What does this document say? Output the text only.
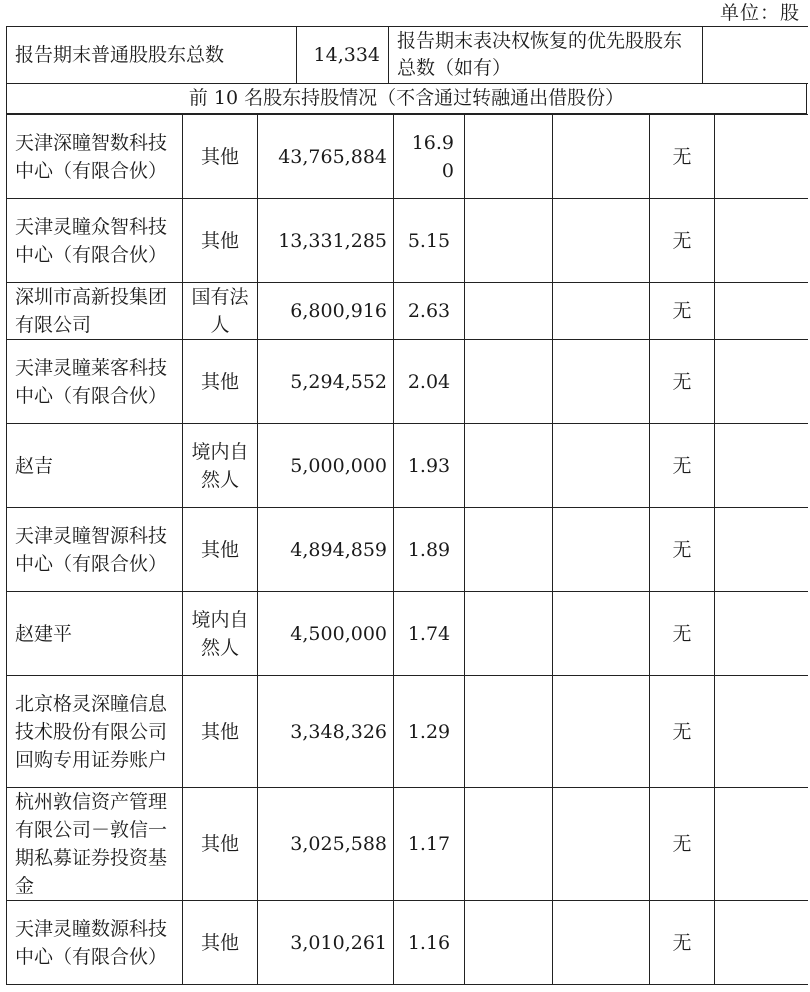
单位：股
报告期末普通股股东总数	14,334	报告期末表决权恢复的优先股股东总数（如有）	
前 10 名股东持股情况（不含通过转融通出借股份）
天津深瞳智数科技中心（有限合伙）	其他	43,765,884	16.90			无	
天津灵瞳众智科技中心（有限合伙）	其他	13,331,285	5.15			无	
深圳市高新投集团有限公司	国有法人	6,800,916	2.63			无	
天津灵瞳莱客科技中心（有限合伙）	其他	5,294,552	2.04			无	
赵吉	境内自然人	5,000,000	1.93			无	
天津灵瞳智源科技中心（有限合伙）	其他	4,894,859	1.89			无	
赵建平	境内自然人	4,500,000	1.74			无	
北京格灵深瞳信息技术股份有限公司回购专用证券账户	其他	3,348,326	1.29			无	
杭州敦信资产管理有限公司－敦信一期私募证券投资基金	其他	3,025,588	1.17			无	
天津灵瞳数源科技中心（有限合伙）	其他	3,010,261	1.16			无	
